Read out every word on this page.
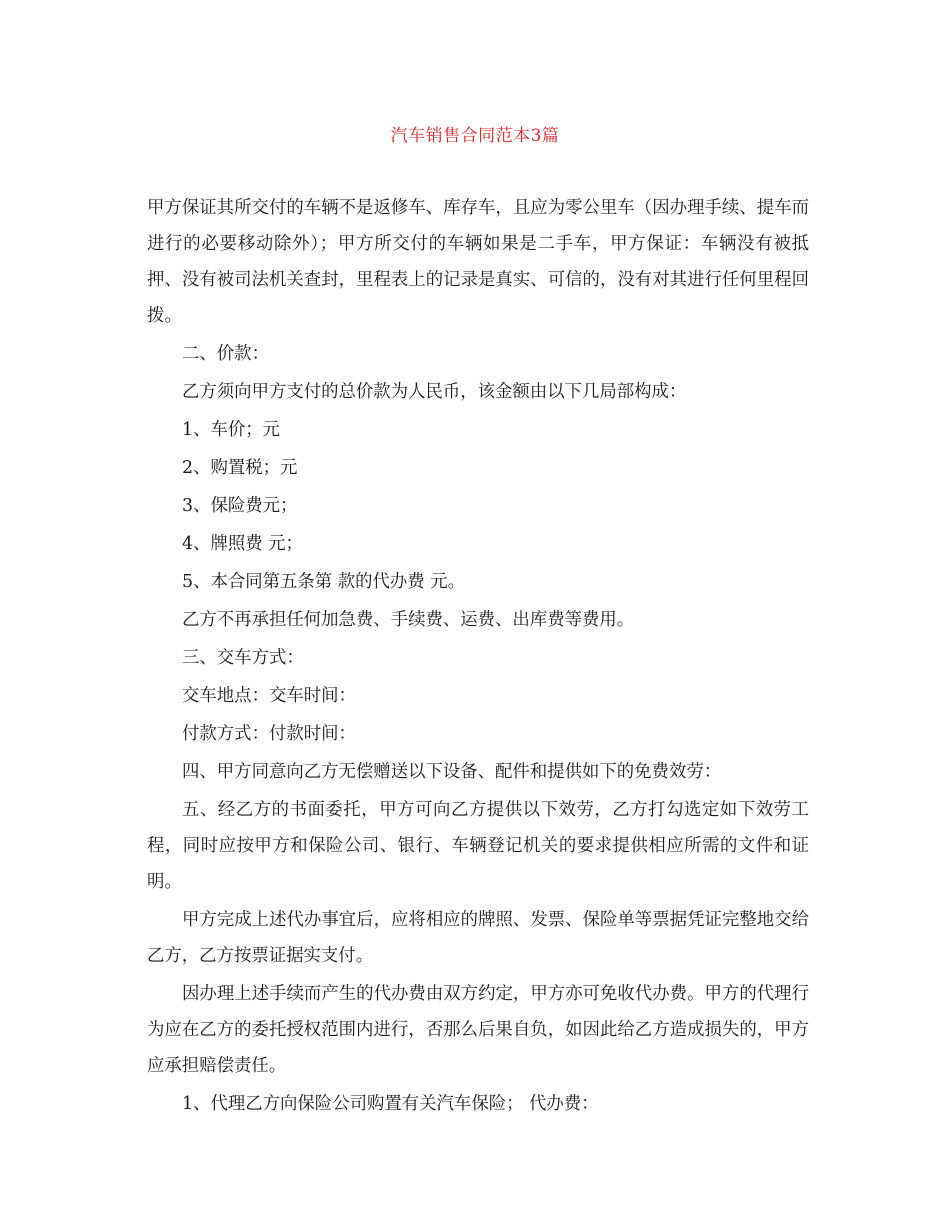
汽车销售合同范本3篇

甲方保证其所交付的车辆不是返修车、库存车，且应为零公里车（因办理手续、提车而进行的必要移动除外）；甲方所交付的车辆如果是二手车，甲方保证：车辆没有被抵押、没有被司法机关查封，里程表上的记录是真实、可信的，没有对其进行任何里程回拨。

二、价款：

乙方须向甲方支付的总价款为人民币，该金额由以下几局部构成：

1、车价；元

2、购置税；元

3、保险费元；

4、牌照费 元；

5、本合同第五条第 款的代办费 元。

乙方不再承担任何加急费、手续费、运费、出库费等费用。

三、交车方式：

交车地点：交车时间：

付款方式：付款时间：

四、甲方同意向乙方无偿赠送以下设备、配件和提供如下的免费效劳：

五、经乙方的书面委托，甲方可向乙方提供以下效劳，乙方打勾选定如下效劳工程，同时应按甲方和保险公司、银行、车辆登记机关的要求提供相应所需的文件和证明。

甲方完成上述代办事宜后，应将相应的牌照、发票、保险单等票据凭证完整地交给乙方，乙方按票证据实支付。

因办理上述手续而产生的代办费由双方约定，甲方亦可免收代办费。甲方的代理行为应在乙方的委托授权范围内进行，否那么后果自负，如因此给乙方造成损失的，甲方应承担赔偿责任。

1、代理乙方向保险公司购置有关汽车保险； 代办费：
